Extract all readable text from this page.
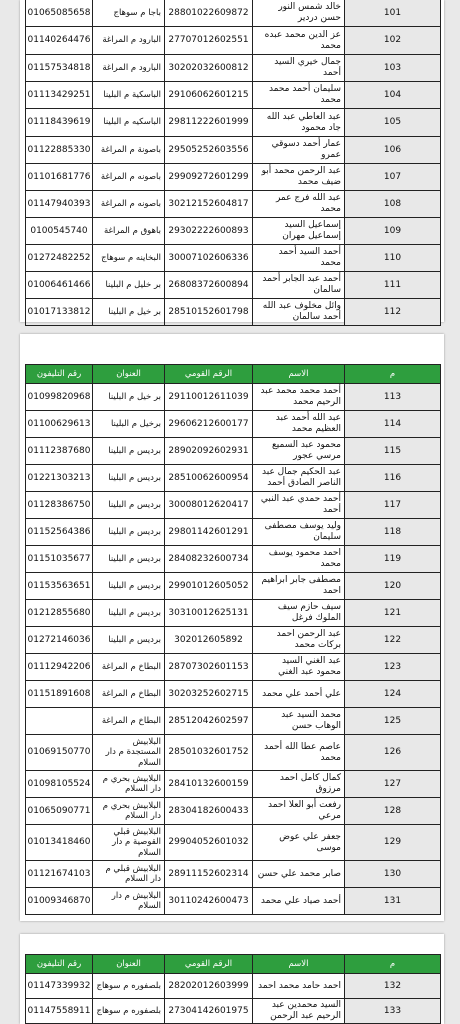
101
خالد شمس النور حسن دردير
28801022609872
باجا م سوهاج
01065085658
102
عز الدين محمد عبده محمد
27707012602551
البارود م المراغة
01140264476
103
جمال خيري السيد أحمد
30202032600812
البارود م المراغة
01157534818
104
سليمان أحمد محمد محمد
29106062601215
الباسكية م البلينا
01113429251
105
عبد العاطي عبد الله جاد محمود
29811222601999
الباسكيه م البلينا
01118439619
106
عمار أحمد دسوقي عمرو
29505252603556
باصونة م المراغة
01122885330
107
عبد الرحمن محمد أبو ضيف محمد
29909272601299
باصونه م المراغة
01101681776
108
عبد الله فرج عمر محمد
30212152604817
باصونه م المراغة
01147940393
109
إسماعيل السيد إسماعيل مهران
29302222600893
باهوق م المراغة
0100545740
110
أحمد السيد أحمد محمد
30007102606336
البخاينه م سوهاج
01272482252
111
أحمد عبد الجابر أحمد سالمان
26808372600894
بر خليل م البلينا
01006461466
112
وائل مخلوف عبد الله أحمد سالمان
28510152601798
بر خيل م البلينا
01017133812
م
الاسم
الرقم القومي
العنوان
رقم التليفون
113
أحمد محمد محمد عبد الرحيم محمد
29110012611039
بر خيل م البلينا
01099820968
114
عبد الله أحمد عبد العظيم محمد
29606212600177
برخيل م البلينا
01100629613
115
محمود عبد السميع مرسي عجور
28902092602931
برديس م البلينا
01112387680
116
عبد الحكيم جمال عبد الناصر الصادق أحمد
28510062600954
برديس م البلينا
01221303213
117
أحمد حمدي عبد النبي أحمد
30008012620417
برديس م البلينا
01128386750
118
وليد يوسف مصطفى سليمان
29801142601291
برديس م البلينا
01152564386
119
احمد محمود يوسف محمد
28408232600734
برديس م البلينا
01151035677
120
مصطفى جابر ابراهيم احمد
29901012605052
برديس م البلينا
01153563651
121
سيف حازم سيف الملوك فرغل
30310012625131
برديس م البلينا
01212855680
122
عبد الرحمن احمد بركات محمد
302012605892
برديس م البلينا
01272146036
123
عبد الغني السيد محمود عبد الغني
28707302601153
البطاخ م المراغة
01112942206
124
علي أحمد علي محمد
30203252602715
البطاخ م المراغة
01151891608
125
محمد السيد عبد الوهاب حسن
28512042602597
البطاخ م المراغة
126
عاصم عطا الله أحمد محمد
28501032601752
البلابيش المستجدة م دار السلام
01069150770
127
كمال كامل احمد مرزوق
28410132600159
البلابيش بحري م دار السلام
01098105524
128
رفعت أبو العلا احمد مرعي
28304182600433
البلابيش بحري م دار السلام
01065090771
129
جعفر علي عوض موسى
29904052601032
البلابيش قبلي القوصية م دار السلام
01013418460
130
صابر محمد علي حسن
28911152602314
البلابيش قبلي م دار السلام
01121674103
131
أحمد صياد علي محمد
30110242600473
البلابيش م دار السلام
01009346870
م
الاسم
الرقم القومي
العنوان
رقم التليفون
132
احمد حامد محمد احمد
28202012603999
بلصفوره م سوهاج
01147339932
133
السيد محمدين عبد الرحيم عبد الرحمن
27304142601975
بلصفوره م سوهاج
01147558911
